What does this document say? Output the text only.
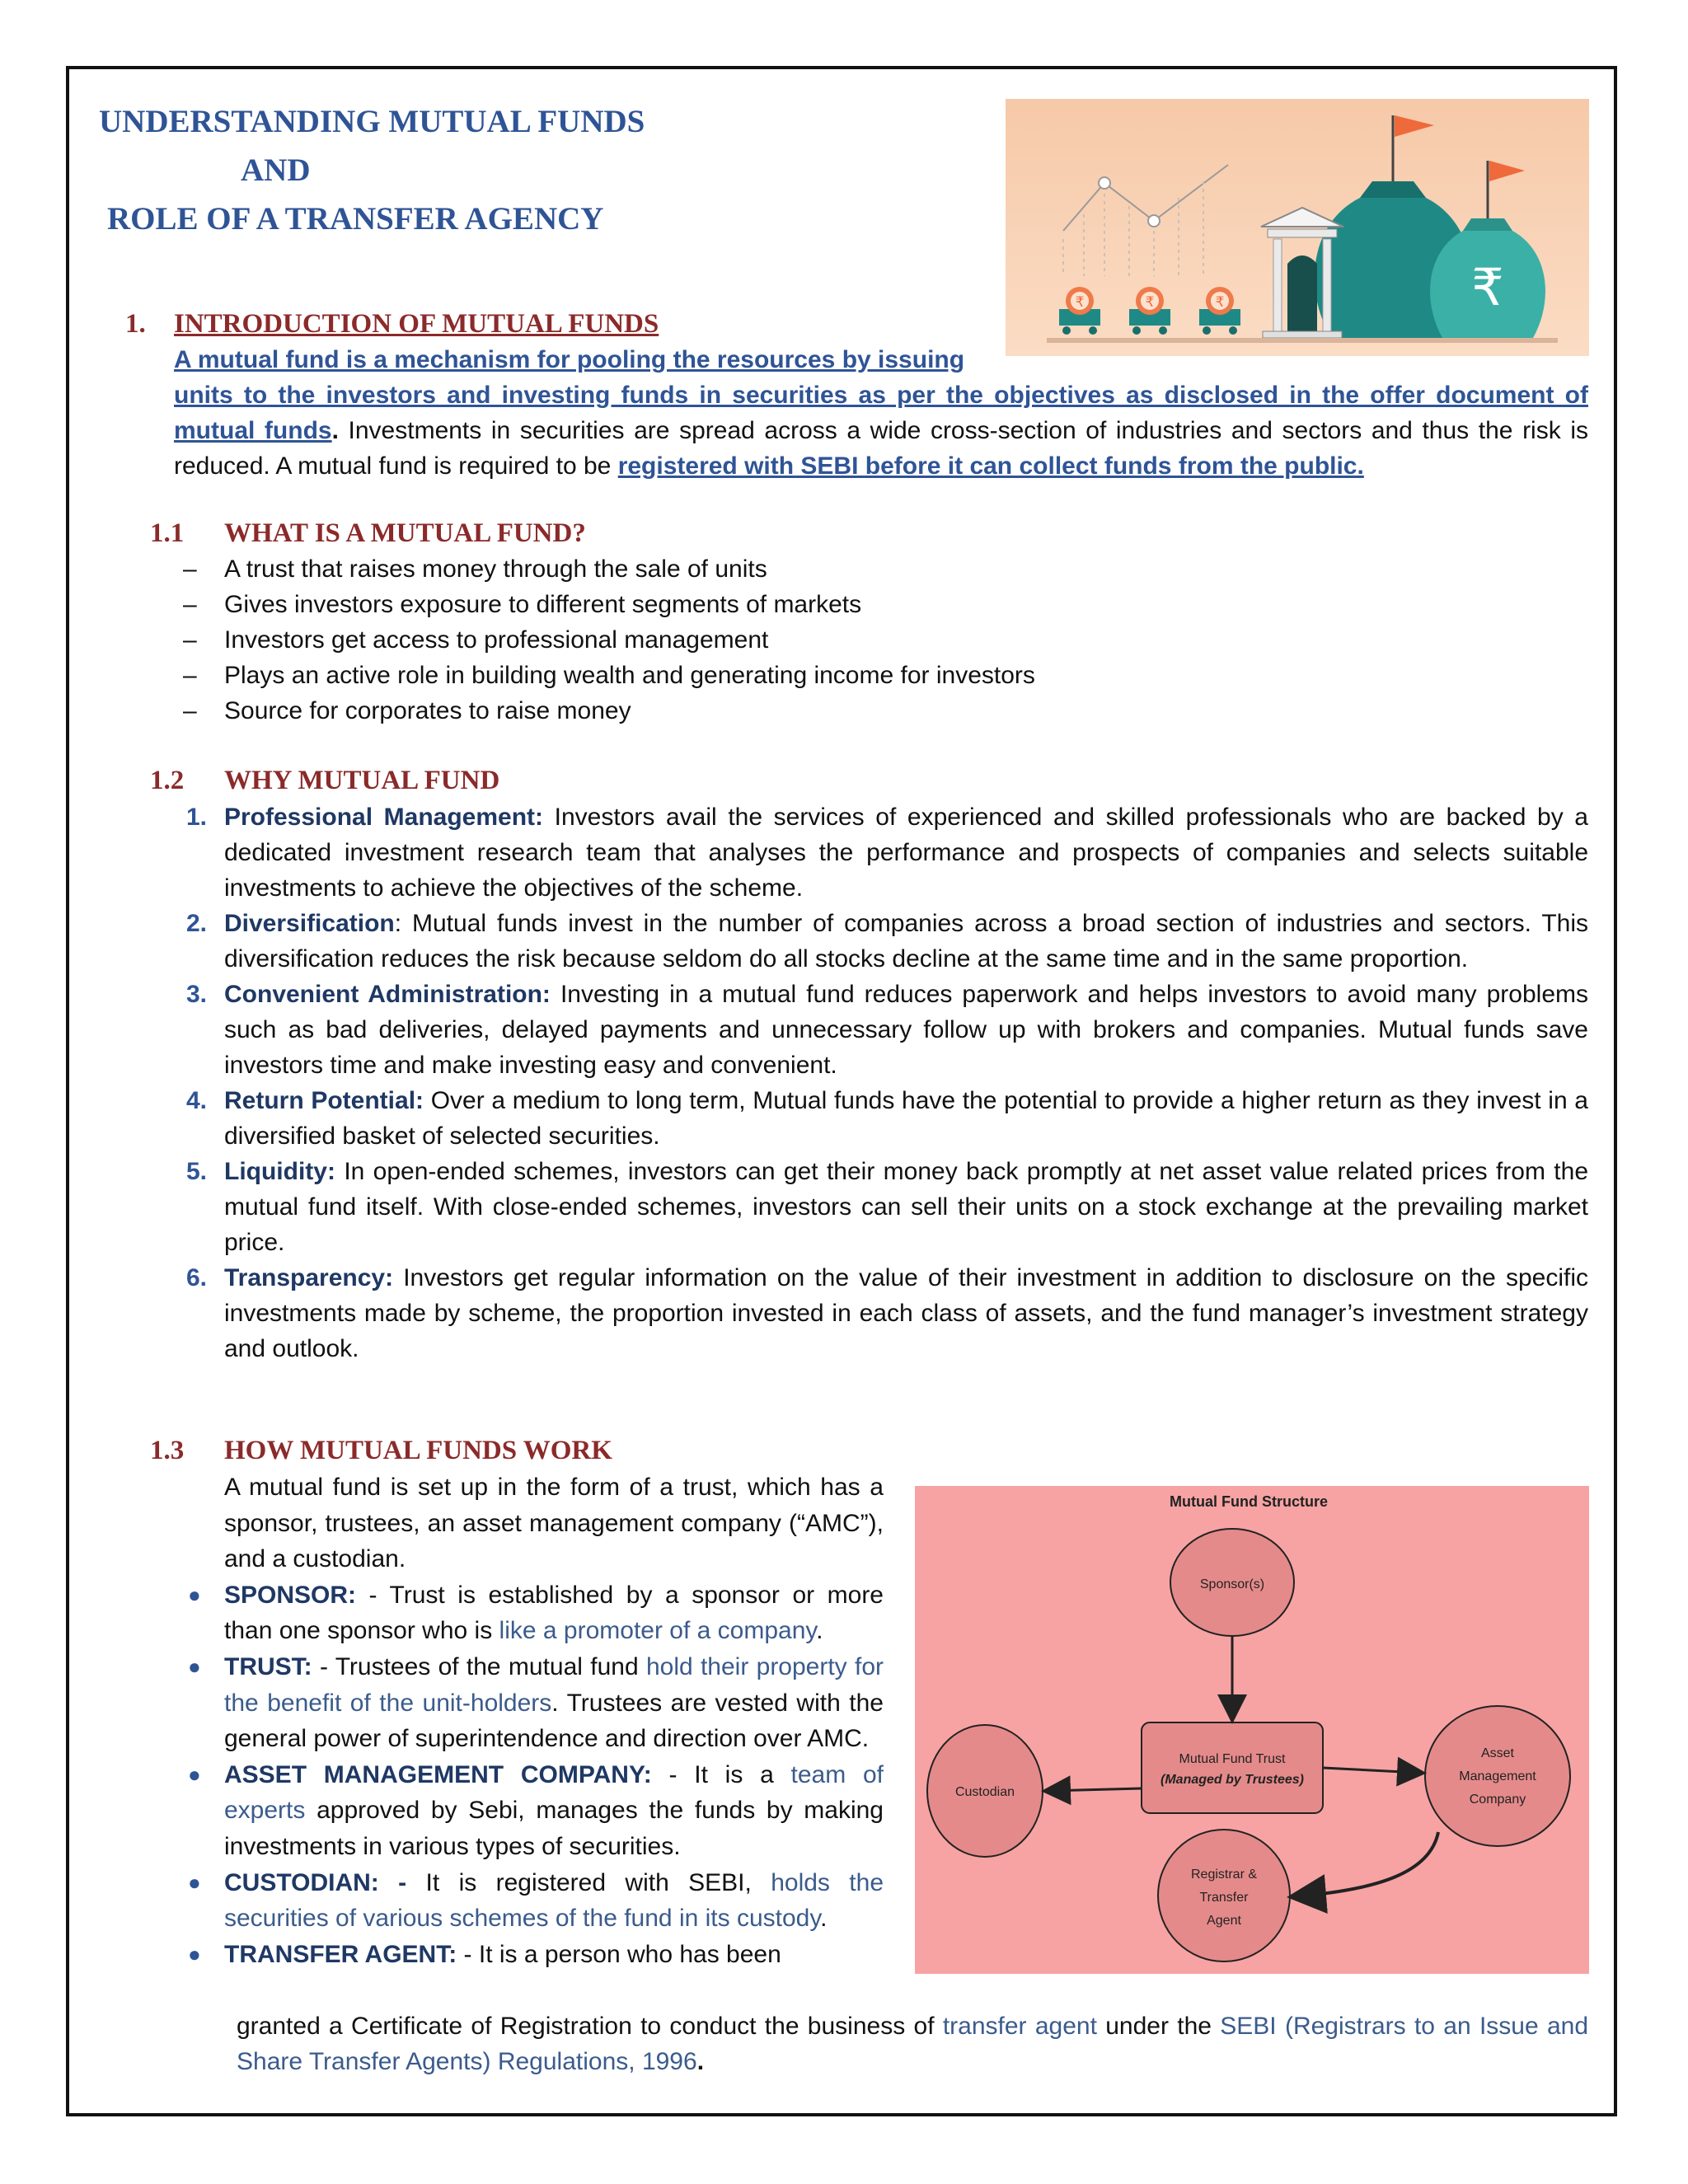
UNDERSTANDING MUTUAL FUNDS
AND
ROLE OF A TRANSFER AGENCY
₹	₹	₹	₹
1. INTRODUCTION OF MUTUAL FUNDS
A mutual fund is a mechanism for pooling the resources by issuing
units to the investors and investing funds in securities as per the objectives as disclosed in the offer document of mutual funds. Investments in securities are spread across a wide cross-section of industries and sectors and thus the risk is reduced. A mutual fund is required to be registered with SEBI before it can collect funds from the public.
1.1 WHAT IS A MUTUAL FUND?
– A trust that raises money through the sale of units
– Gives investors exposure to different segments of markets
– Investors get access to professional management
– Plays an active role in building wealth and generating income for investors
– Source for corporates to raise money
1.2 WHY MUTUAL FUND
1. Professional Management: Investors avail the services of experienced and skilled professionals who are backed by a dedicated investment research team that analyses the performance and prospects of companies and selects suitable investments to achieve the objectives of the scheme.
2. Diversification: Mutual funds invest in the number of companies across a broad section of industries and sectors. This diversification reduces the risk because seldom do all stocks decline at the same time and in the same proportion.
3. Convenient Administration: Investing in a mutual fund reduces paperwork and helps investors to avoid many problems such as bad deliveries, delayed payments and unnecessary follow up with brokers and companies. Mutual funds save investors time and make investing easy and convenient.
4. Return Potential: Over a medium to long term, Mutual funds have the potential to provide a higher return as they invest in a diversified basket of selected securities.
5. Liquidity: In open-ended schemes, investors can get their money back promptly at net asset value related prices from the mutual fund itself. With close-ended schemes, investors can sell their units on a stock exchange at the prevailing market price.
6. Transparency: Investors get regular information on the value of their investment in addition to disclosure on the specific investments made by scheme, the proportion invested in each class of assets, and the fund manager’s investment strategy and outlook.
1.3 HOW MUTUAL FUNDS WORK
A mutual fund is set up in the form of a trust, which has a sponsor, trustees, an asset management company (“AMC”), and a custodian.
● SPONSOR: - Trust is established by a sponsor or more than one sponsor who is like a promoter of a company.
● TRUST: - Trustees of the mutual fund hold their property for the benefit of the unit-holders. Trustees are vested with the general power of superintendence and direction over AMC.
● ASSET MANAGEMENT COMPANY: - It is a team of experts approved by Sebi, manages the funds by making investments in various types of securities.
● CUSTODIAN: - It is registered with SEBI, holds the securities of various schemes of the fund in its custody.
● TRANSFER AGENT: - It is a person who has been
granted a Certificate of Registration to conduct the business of transfer agent under the SEBI (Registrars to an Issue and Share Transfer Agents) Regulations, 1996.
Mutual Fund Structure
Sponsor(s)
Mutual Fund Trust
(Managed by Trustees)
Custodian
Asset
Management
Company
Registrar &
Transfer
Agent
